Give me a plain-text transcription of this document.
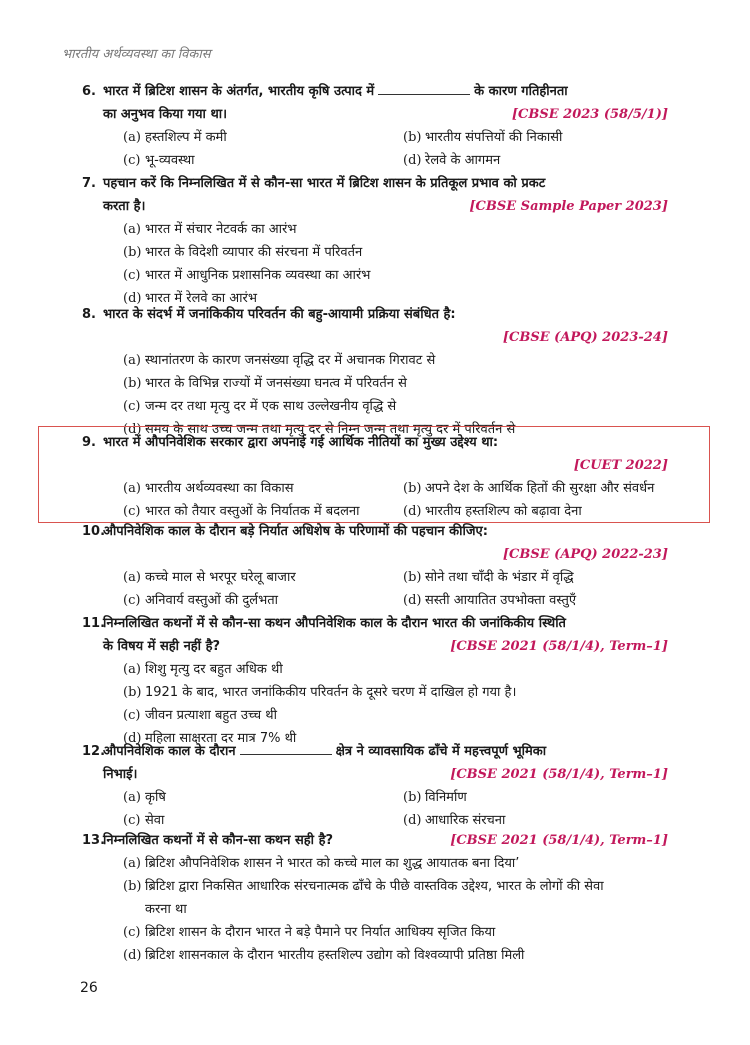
भारतीय अर्थव्यवस्था का विकास
6. भारत में ब्रिटिश शासन के अंतर्गत, भारतीय कृषि उत्पाद में	के कारण गतिहीनता
का अनुभव किया गया था।	[CBSE 2023 (58/5/1)]
(a) हस्तशिल्प में कमी	(b) भारतीय संपत्तियों की निकासी
(c) भू-व्यवस्था	(d) रेलवे के आगमन
7. पहचान करें कि निम्नलिखित में से कौन-सा भारत में ब्रिटिश शासन के प्रतिकूल प्रभाव को प्रकट
करता है।	[CBSE Sample Paper 2023]
(a) भारत में संचार नेटवर्क का आरंभ
(b) भारत के विदेशी व्यापार की संरचना में परिवर्तन
(c) भारत में आधुनिक प्रशासनिक व्यवस्था का आरंभ
(d) भारत में रेलवे का आरंभ
8. भारत के संदर्भ में जनांकिकीय परिवर्तन की बहु-आयामी प्रक्रिया संबंधित है:
[CBSE (APQ) 2023-24]
(a) स्थानांतरण के कारण जनसंख्या वृद्धि दर में अचानक गिरावट से
(b) भारत के विभिन्न राज्यों में जनसंख्या घनत्व में परिवर्तन से
(c) जन्म दर तथा मृत्यु दर में एक साथ उल्लेखनीय वृद्धि से
(d) समय के साथ उच्च जन्म तथा मृत्यु दर से निम्न जन्म तथा मृत्यु दर में परिवर्तन से
9. भारत में औपनिवेशिक सरकार द्वारा अपनाई गई आर्थिक नीतियों का मुख्य उद्देश्य था:
[CUET 2022]
(a) भारतीय अर्थव्यवस्था का विकास	(b) अपने देश के आर्थिक हितों की सुरक्षा और संवर्धन
(c) भारत को तैयार वस्तुओं के निर्यातक में बदलना	(d) भारतीय हस्तशिल्प को बढ़ावा देना
10.
औपनिवेशिक काल के दौरान बड़े निर्यात अधिशेष के परिणामों की पहचान कीजिए:
[CBSE (APQ) 2022-23]
(a) कच्चे माल से भरपूर घरेलू बाजार	(b) सोने तथा चाँदी के भंडार में वृद्धि
(c) अनिवार्य वस्तुओं की दुर्लभता	(d) सस्ती आयातित उपभोक्ता वस्तुएँ
11.
निम्नलिखित कथनों में से कौन-सा कथन औपनिवेशिक काल के दौरान भारत की जनांकिकीय स्थिति
के विषय में सही नहीं है?	[CBSE 2021 (58/1/4), Term–1]
(a) शिशु मृत्यु दर बहुत अधिक थी
(b) 1921 के बाद, भारत जनांकिकीय परिवर्तन के दूसरे चरण में दाखिल हो गया है।
(c) जीवन प्रत्याशा बहुत उच्च थी
(d) महिला साक्षरता दर मात्र 7% थी
12.
औपनिवेशिक काल के दौरान	क्षेत्र ने व्यावसायिक ढाँचे में महत्त्वपूर्ण भूमिका
निभाई।	[CBSE 2021 (58/1/4), Term–1]
(a) कृषि	(b) विनिर्माण
(c) सेवा	(d) आधारिक संरचना
13.
निम्नलिखित कथनों में से कौन-सा कथन सही है?	[CBSE 2021 (58/1/4), Term–1]
(a) ब्रिटिश औपनिवेशिक शासन ने भारत को कच्चे माल का शुद्ध आयातक बना दिया’
(b) ब्रिटिश द्वारा निकसित आधारिक संरचनात्मक ढाँचे के पीछे वास्तविक उद्देश्य, भारत के लोगों की सेवा
करना था
(c) ब्रिटिश शासन के दौरान भारत ने बड़े पैमाने पर निर्यात आधिक्य सृजित किया
(d) ब्रिटिश शासनकाल के दौरान भारतीय हस्तशिल्प उद्योग को विश्वव्यापी प्रतिष्ठा मिली
26
